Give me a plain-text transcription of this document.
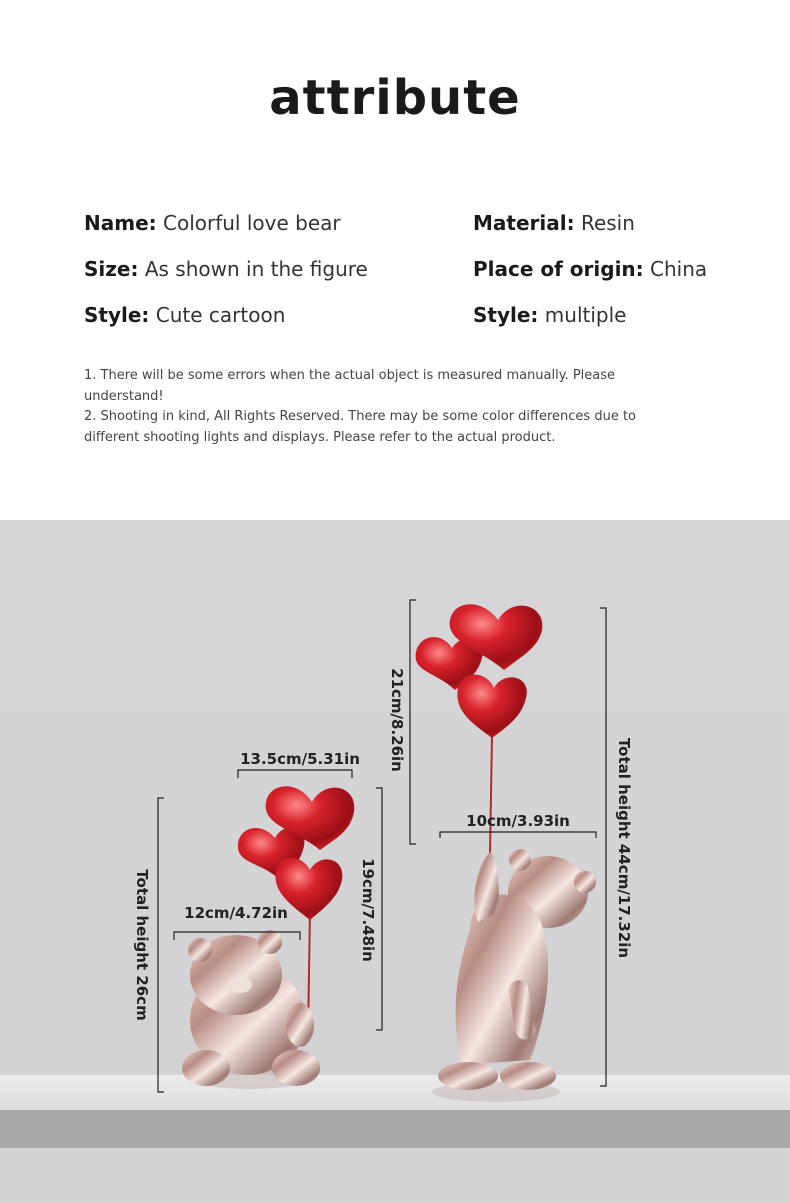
attribute
Name: Colorful love bear	Material: Resin
Size: As shown in the figure	Place of origin: China
Style: Cute cartoon	Style: multiple

1. There will be some errors when the actual object is measured manually. Please understand!

2. Shooting in kind, All Rights Reserved. There may be some color differences due to different shooting lights and displays. Please refer to the actual product.

13.5cm/5.31in
12cm/4.72in
Total height 26cm	19cm/7.48in
21cm/8.26in
10cm/3.93in	Total height 44cm/17.32in
